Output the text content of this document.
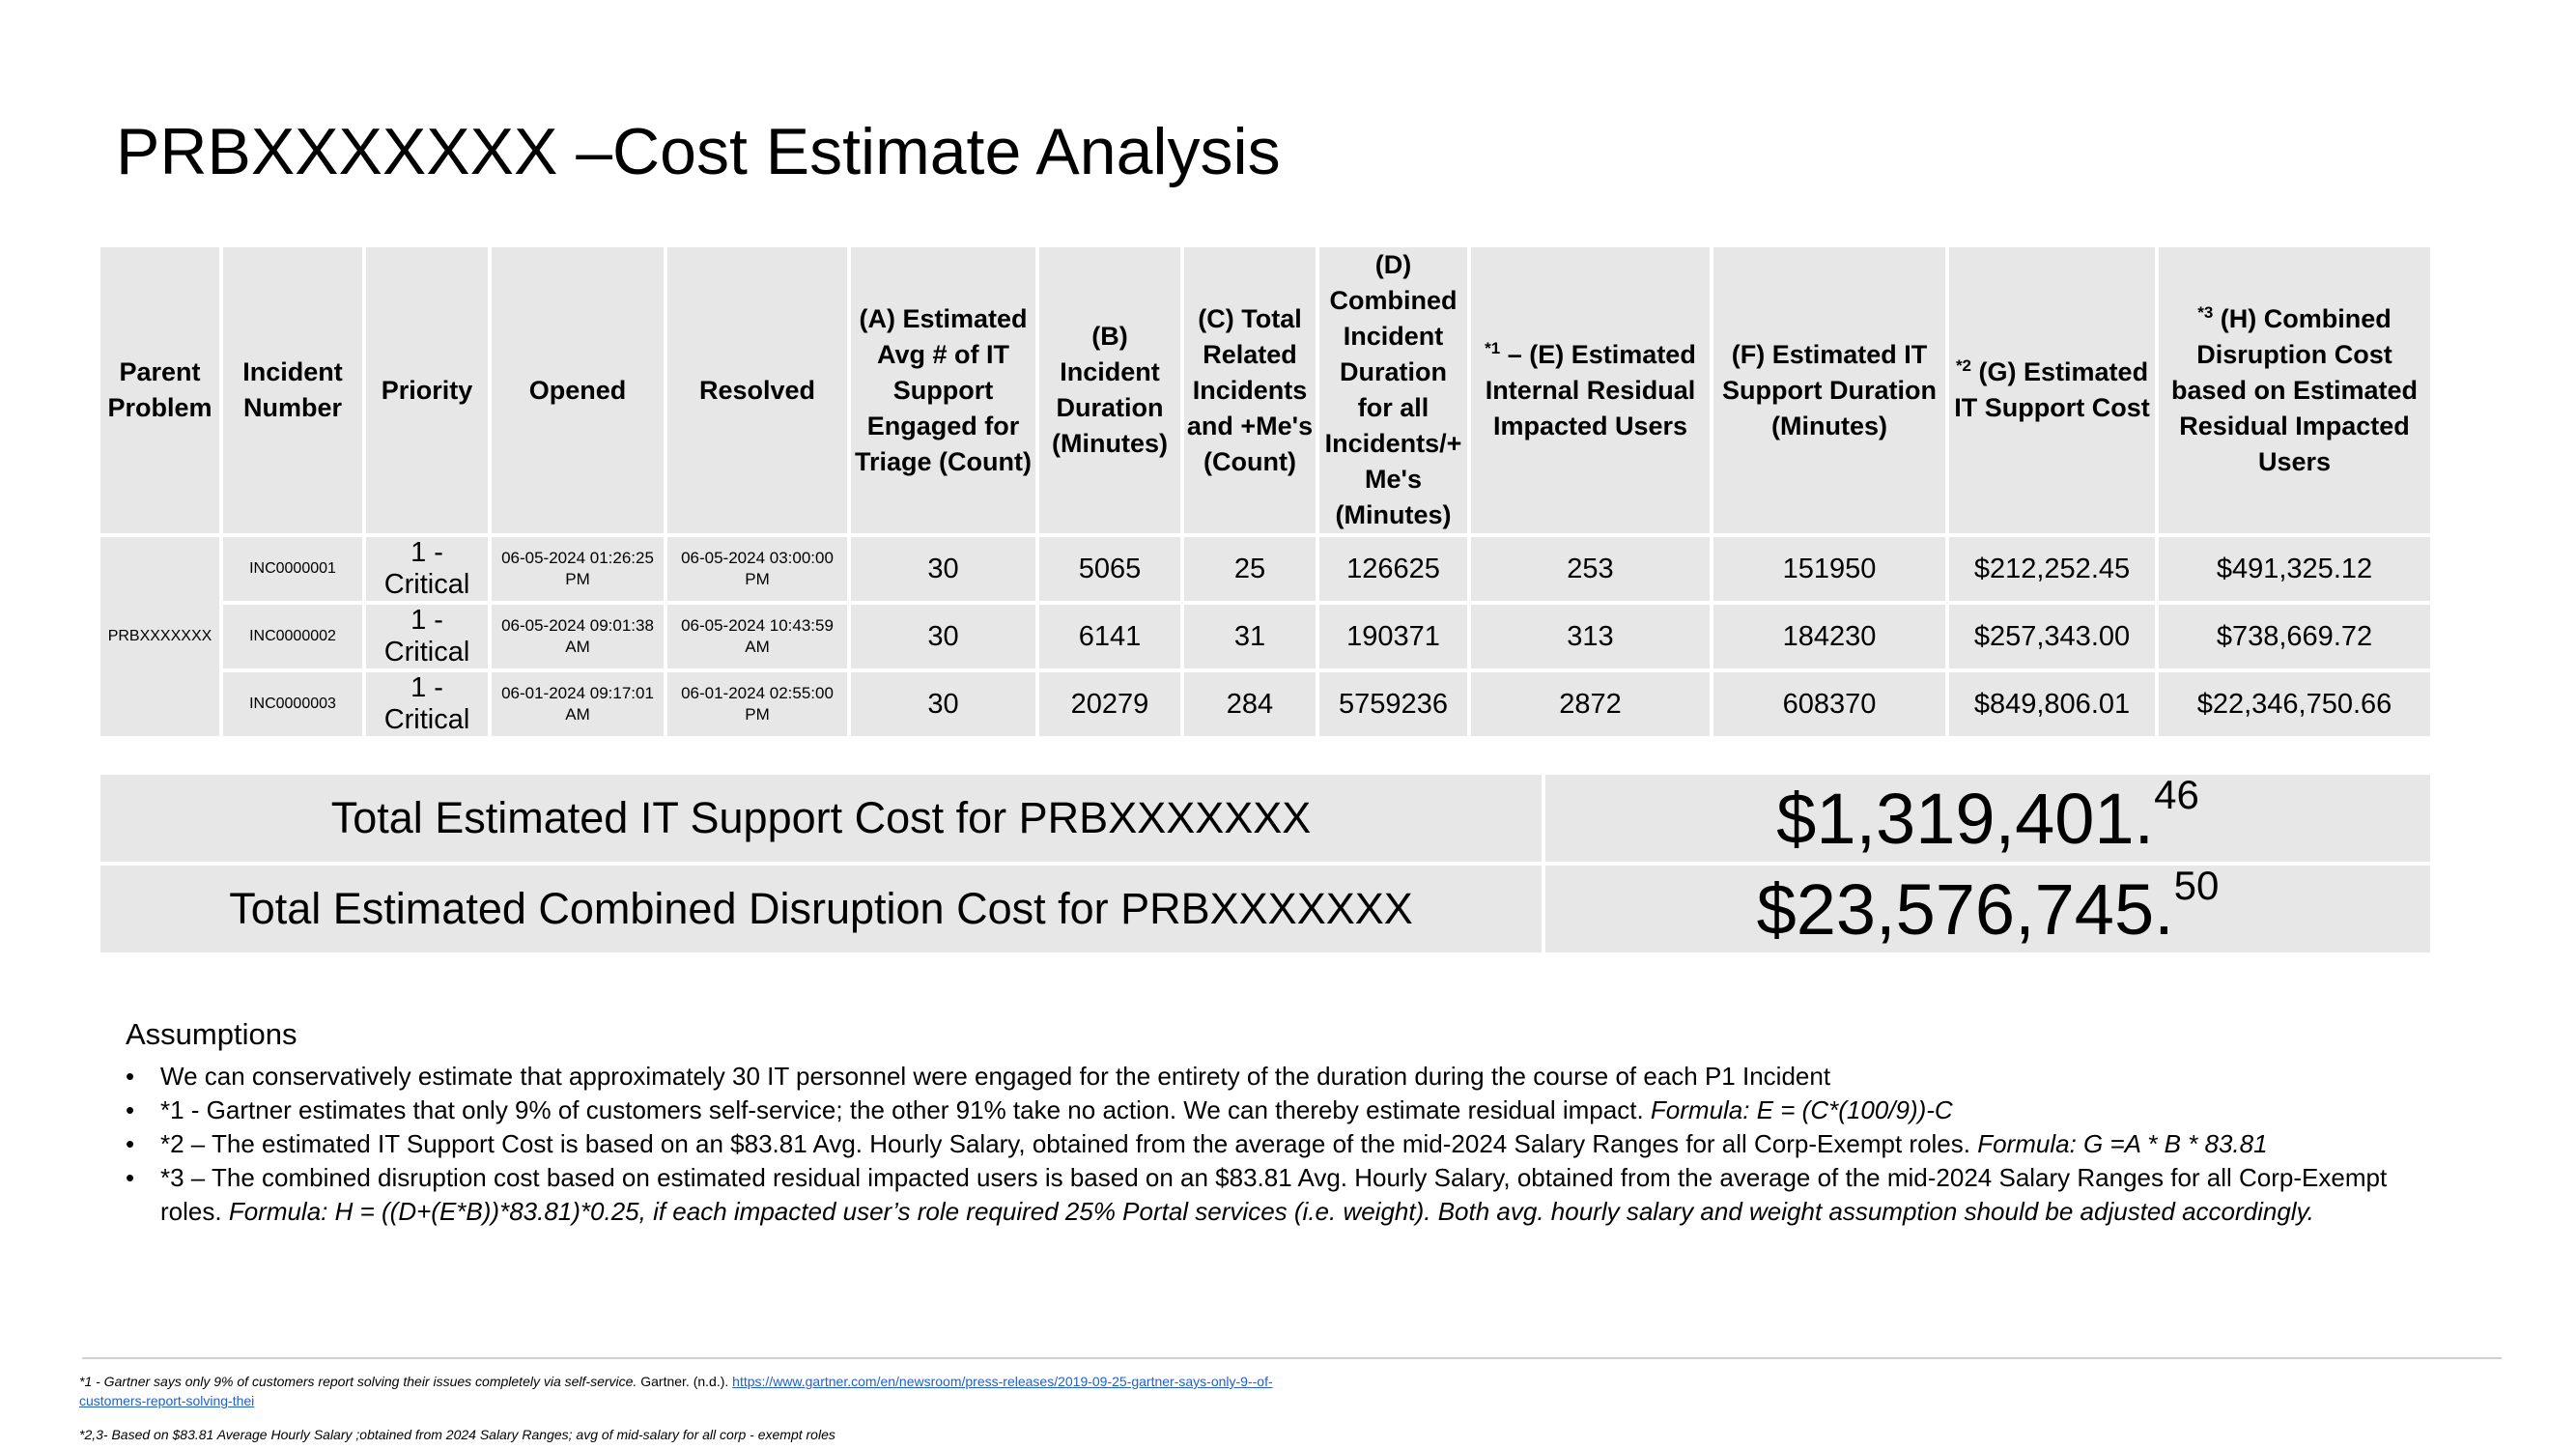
PRBXXXXXXX –Cost Estimate Analysis
Parent Problem	Incident Number	Priority	Opened	Resolved	(A) Estimated Avg # of IT Support Engaged for Triage (Count)	(B) Incident Duration (Minutes)	(C) Total Related Incidents and +Me's (Count)	(D) Combined Incident Duration for all Incidents/+ Me's (Minutes)	$^{*1}$ – (E) Estimated Internal Residual Impacted Users	(F) Estimated IT Support Duration (Minutes)	$^{*2}$ (G) Estimated IT Support Cost	$^{*3}$ (H) Combined Disruption Cost based on Estimated Residual Impacted Users
PRBXXXXXXX	INC0000001	1 - Critical	06-05-2024 01:26:25 PM	06-05-2024 03:00:00 PM	30	5065	25	126625	253	151950	$212,252.45	$491,325.12
	INC0000002	1 - Critical	06-05-2024 09:01:38 AM	06-05-2024 10:43:59 AM	30	6141	31	190371	313	184230	$257,343.00	$738,669.72
	INC0000003	1 - Critical	06-01-2024 09:17:01 AM	06-01-2024 02:55:00 PM	30	20279	284	5759236	2872	608370	$849,806.01	$22,346,750.66
Total Estimated IT Support Cost for PRBXXXXXXX	$1,319,401.46
Total Estimated Combined Disruption Cost for PRBXXXXXXX	$23,576,745.50
Assumptions
• We can conservatively estimate that approximately 30 IT personnel were engaged for the entirety of the duration during the course of each P1 Incident
• *1 - Gartner estimates that only 9% of customers self-service; the other 91% take no action. We can thereby estimate residual impact. Formula: E = (C*(100/9))-C
• *2 – The estimated IT Support Cost is based on an $83.81 Avg. Hourly Salary, obtained from the average of the mid-2024 Salary Ranges for all Corp-Exempt roles. Formula: G =A * B * 83.81
• *3 – The combined disruption cost based on estimated residual impacted users is based on an $83.81 Avg. Hourly Salary, obtained from the average of the mid-2024 Salary Ranges for all Corp-Exempt roles. Formula: H = ((D+(E*B))*83.81)*0.25, if each impacted user’s role required 25% Portal services (i.e. weight). Both avg. hourly salary and weight assumption should be adjusted accordingly.
*1 - Gartner says only 9% of customers report solving their issues completely via self-service. Gartner. (n.d.). https://www.gartner.com/en/newsroom/press-releases/2019-09-25-gartner-says-only-9--of-customers-report-solving-thei
*2,3- Based on $83.81 Average Hourly Salary ;obtained from 2024 Salary Ranges; avg of mid-salary for all corp - exempt roles
